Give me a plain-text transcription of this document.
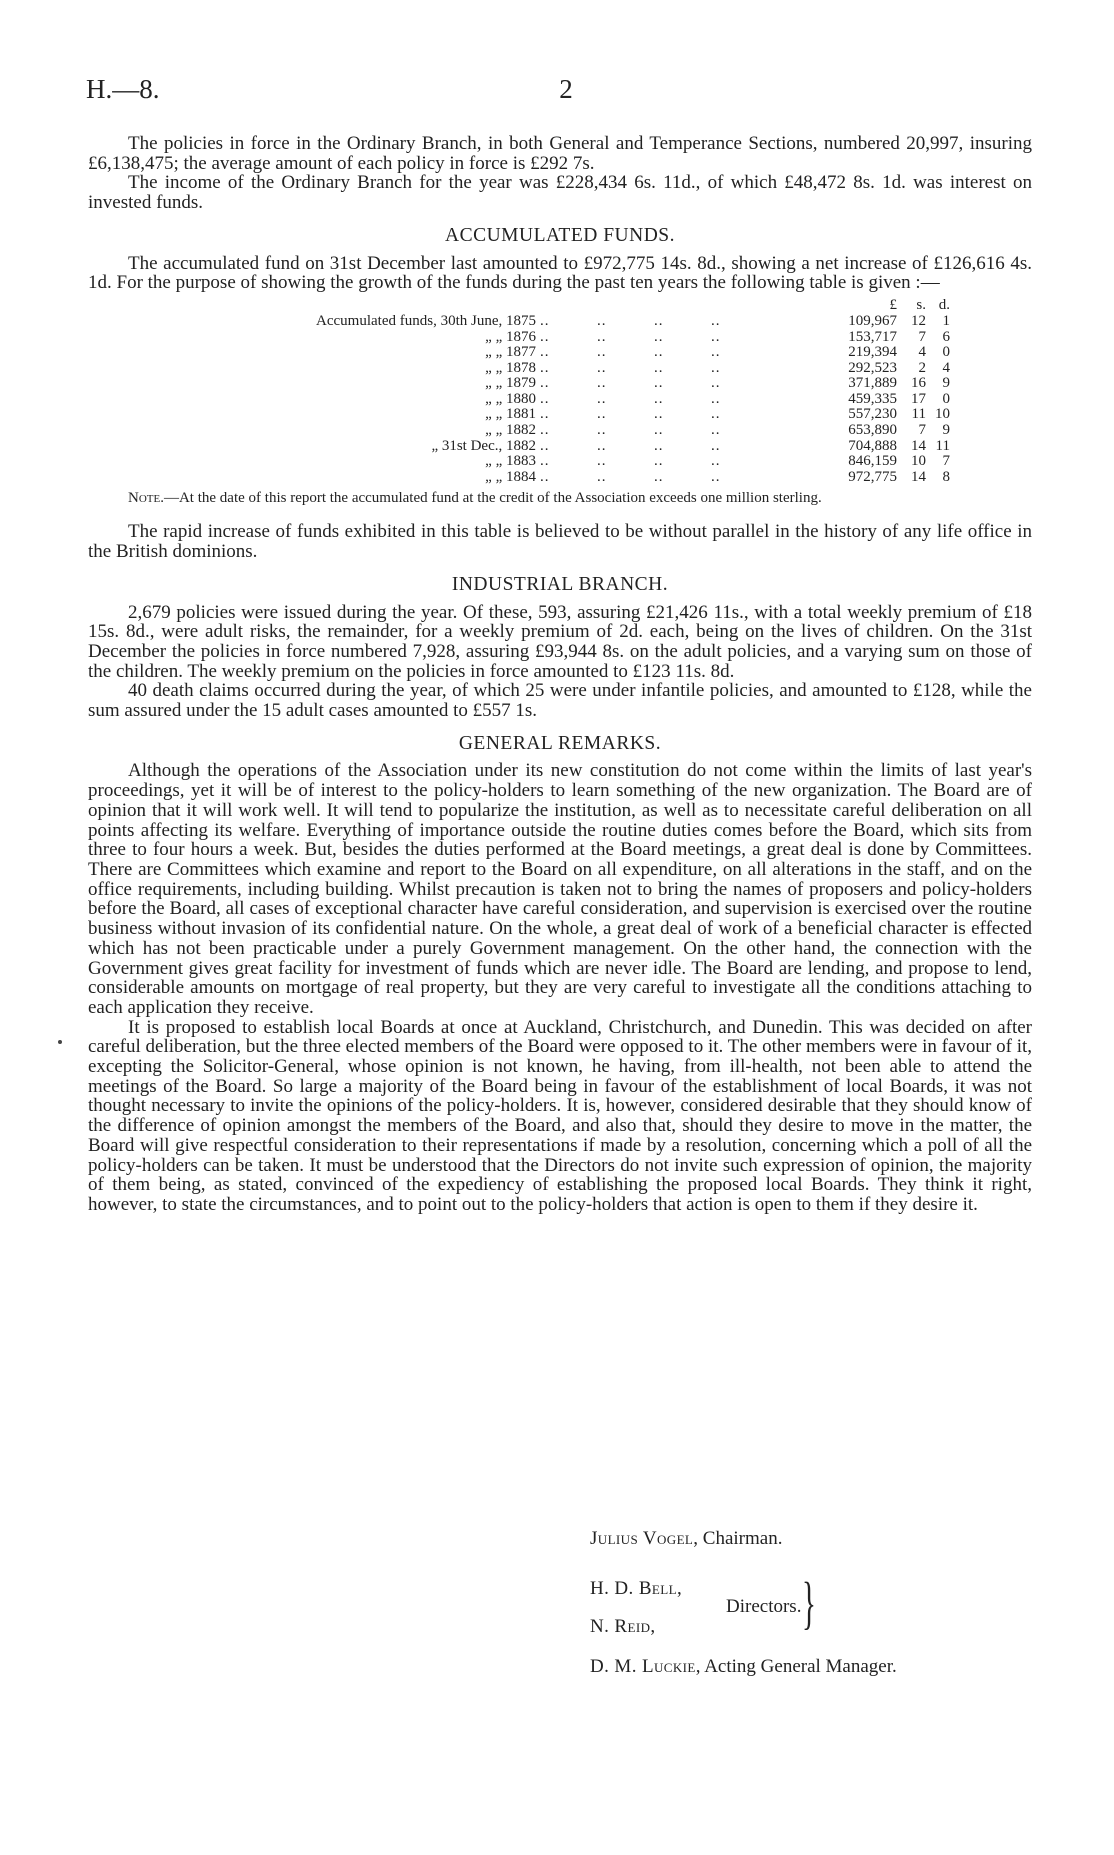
H.—8.	2

The policies in force in the Ordinary Branch, in both General and Temperance Sections, numbered 20,997, insuring £6,138,475; the average amount of each policy in force is £292 7s.

The income of the Ordinary Branch for the year was £228,434 6s. 11d., of which £48,472 8s. 1d. was interest on invested funds.

ACCUMULATED FUNDS.

The accumulated fund on 31st December last amounted to £972,775 14s. 8d., showing a net increase of £126,616 4s. 1d. For the purpose of showing the growth of the funds during the past ten years the following table is given :—

£	s. d.
Accumulated funds, 30th June, 1875 ..          ..          ..          ..	109,967 12	1
„ „ 1876 ..          ..          ..          ..	153,717	7	6
„ „ 1877 ..          ..          ..          ..	219,394	4	0
„ „ 1878 ..          ..          ..          ..	292,523	2	4
„ „ 1879 ..          ..          ..          ..	371,889 16	9
„ „ 1880 ..          ..          ..          ..	459,335 17	0
„ „ 1881 ..          ..          ..          ..	557,230 11 10
„ „ 1882 ..          ..          ..          ..	653,890	7	9
„ 31st Dec., 1882 ..          ..          ..          ..	704,888 14 11
„ „ 1883 ..          ..          ..          ..	846,159 10	7
„ „ 1884 ..          ..          ..          ..	972,775 14	8

Note.—At the date of this report the accumulated fund at the credit of the Association exceeds one million sterling.

The rapid increase of funds exhibited in this table is believed to be without parallel in the history of any life office in the British dominions.

INDUSTRIAL BRANCH.

2,679 policies were issued during the year. Of these, 593, assuring £21,426 11s., with a total weekly premium of £18 15s. 8d., were adult risks, the remainder, for a weekly premium of 2d. each, being on the lives of children. On the 31st December the policies in force numbered 7,928, assuring £93,944 8s. on the adult policies, and a varying sum on those of the children. The weekly premium on the policies in force amounted to £123 11s. 8d.

40 death claims occurred during the year, of which 25 were under infantile policies, and amounted to £128, while the sum assured under the 15 adult cases amounted to £557 1s.

GENERAL REMARKS.

Although the operations of the Association under its new constitution do not come within the limits of last year's proceedings, yet it will be of interest to the policy-holders to learn something of the new organization. The Board are of opinion that it will work well. It will tend to popularize the institution, as well as to necessitate careful deliberation on all points affecting its welfare. Everything of importance outside the routine duties comes before the Board, which sits from three to four hours a week. But, besides the duties performed at the Board meetings, a great deal is done by Committees. There are Committees which examine and report to the Board on all expenditure, on all alterations in the staff, and on the office requirements, including building. Whilst precaution is taken not to bring the names of proposers and policy-holders before the Board, all cases of exceptional character have careful consideration, and supervision is exercised over the routine business without invasion of its confidential nature. On the whole, a great deal of work of a beneficial character is effected which has not been practicable under a purely Government management. On the other hand, the connection with the Government gives great facility for investment of funds which are never idle. The Board are lending, and propose to lend, considerable amounts on mortgage of real property, but they are very careful to investigate all the conditions attaching to each application they receive.

It is proposed to establish local Boards at once at Auckland, Christchurch, and Dunedin. This was decided on after careful deliberation, but the three elected members of the Board were opposed to it. The other members were in favour of it, excepting the Solicitor-General, whose opinion is not known, he having, from ill-health, not been able to attend the meetings of the Board. So large a majority of the Board being in favour of the establishment of local Boards, it was not thought necessary to invite the opinions of the policy-holders. It is, however, considered desirable that they should know of the difference of opinion amongst the members of the Board, and also that, should they desire to move in the matter, the Board will give respectful consideration to their representations if made by a resolution, concerning which a poll of all the policy-holders can be taken. It must be understood that the Directors do not invite such expression of opinion, the majority of them being, as stated, convinced of the expediency of establishing the proposed local Boards. They think it right, however, to state the circumstances, and to point out to the policy-holders that action is open to them if they desire it.

Julius Vogel, Chairman.
H. D. Bell,
N. Reid,	}
Directors.
D. M. Luckie, Acting General Manager.
